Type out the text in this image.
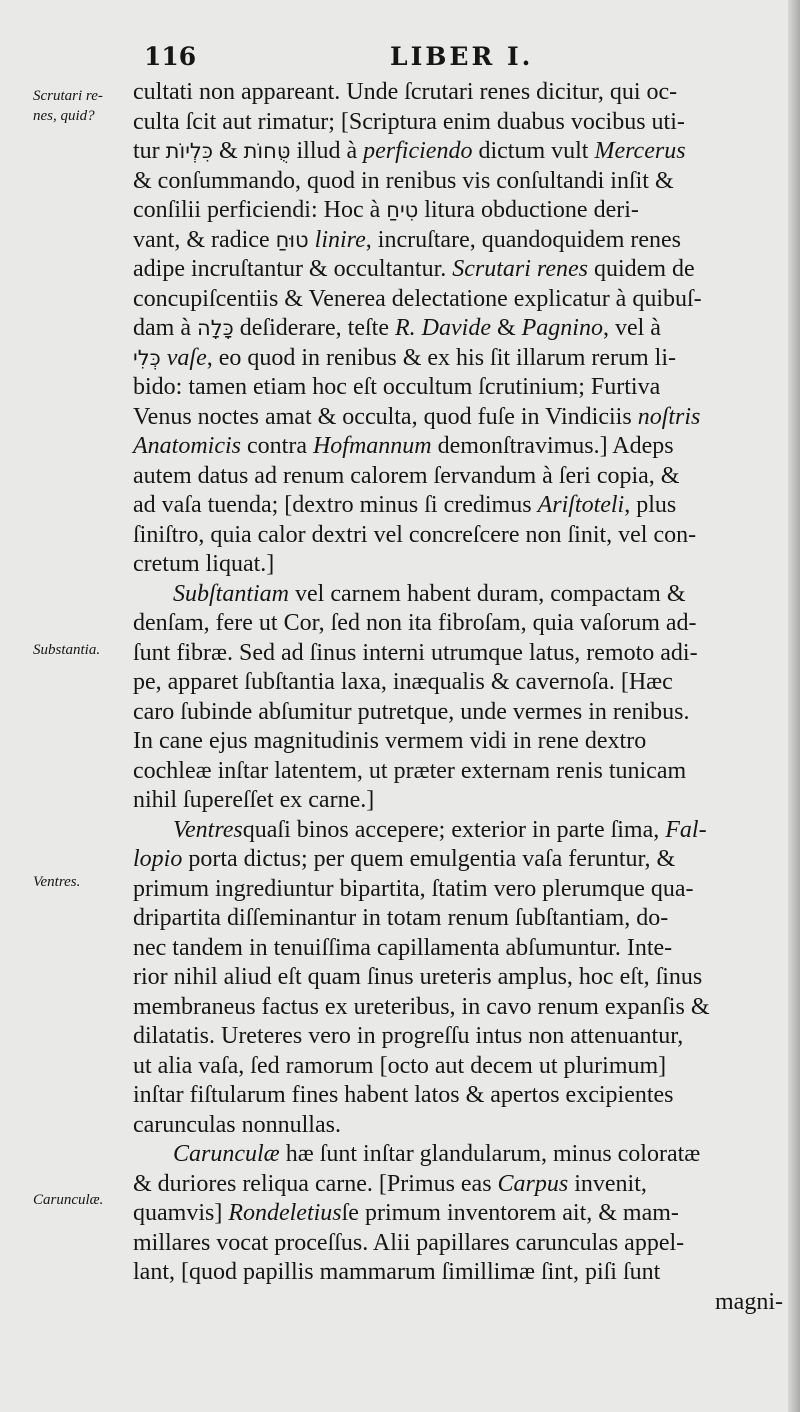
116	LIBER I.
Scrutari re-
nes, quid?
Substantia.
Ventres.
Carunculæ.
cultati non appareant. Unde ſcrutari renes dicitur, qui oc-
culta ſcit aut rimatur; [Scriptura enim duabus vocibus uti-
tur כִּלְיוֹת & טֻּחוֹת illud à perficiendo dictum vult Mercerus
& conſummando, quod in renibus vis conſultandi inſit &
conſilii perficiendi: Hoc à טִיחַ litura obductione deri-
vant, & radice טוּחַ linire, incruſtare, quandoquidem renes
adipe incruſtantur & occultantur. Scrutari renes quidem de
concupiſcentiis & Venerea delectatione explicatur à quibuſ-
dam à כָּלָה deſiderare, teſte R. Davide & Pagnino, vel à
כְּלִי vaſe, eo quod in renibus & ex his ſit illarum rerum li-
bido: tamen etiam hoc eſt occultum ſcrutinium; Furtiva
Venus noctes amat & occulta, quod fuſe in Vindiciis noſtris
Anatomicis contra Hofmannum demonſtravimus.] Adeps
autem datus ad renum calorem ſervandum à ſeri copia, &
ad vaſa tuenda; [dextro minus ſi credimus Ariſtoteli, plus
ſiniſtro, quia calor dextri vel concreſcere non ſinit, vel con-
cretum liquat.]
Subſtantiam vel carnem habent duram, compactam &
denſam, fere ut Cor, ſed non ita fibroſam, quia vaſorum ad-
ſunt fibræ. Sed ad ſinus interni utrumque latus, remoto adi-
pe, apparet ſubſtantia laxa, inæqualis & cavernoſa. [Hæc
caro ſubinde abſumitur putretque, unde vermes in renibus.
In cane ejus magnitudinis vermem vidi in rene dextro
cochleæ inſtar latentem, ut præter externam renis tunicam
nihil ſupereſſet ex carne.]
Ventresquaſi binos accepere; exterior in parte ſima, Fal-
lopio porta dictus; per quem emulgentia vaſa feruntur, &
primum ingrediuntur bipartita, ſtatim vero plerumque qua-
dripartita diſſeminantur in totam renum ſubſtantiam, do-
nec tandem in tenuiſſima capillamenta abſumuntur. Inte-
rior nihil aliud eſt quam ſinus ureteris amplus, hoc eſt, ſinus
membraneus factus ex ureteribus, in cavo renum expanſis &
dilatatis. Ureteres vero in progreſſu intus non attenuantur,
ut alia vaſa, ſed ramorum [octo aut decem ut plurimum]
inſtar fiſtularum fines habent latos & apertos excipientes
carunculas nonnullas.
Carunculæ hæ ſunt inſtar glandularum, minus coloratæ
& duriores reliqua carne. [Primus eas Carpus invenit,
quamvis] Rondeletiusſe primum inventorem ait, & mam-
millares vocat proceſſus. Alii papillares carunculas appel-
lant, [quod papillis mammarum ſimillimæ ſint, piſi ſunt
magni-
